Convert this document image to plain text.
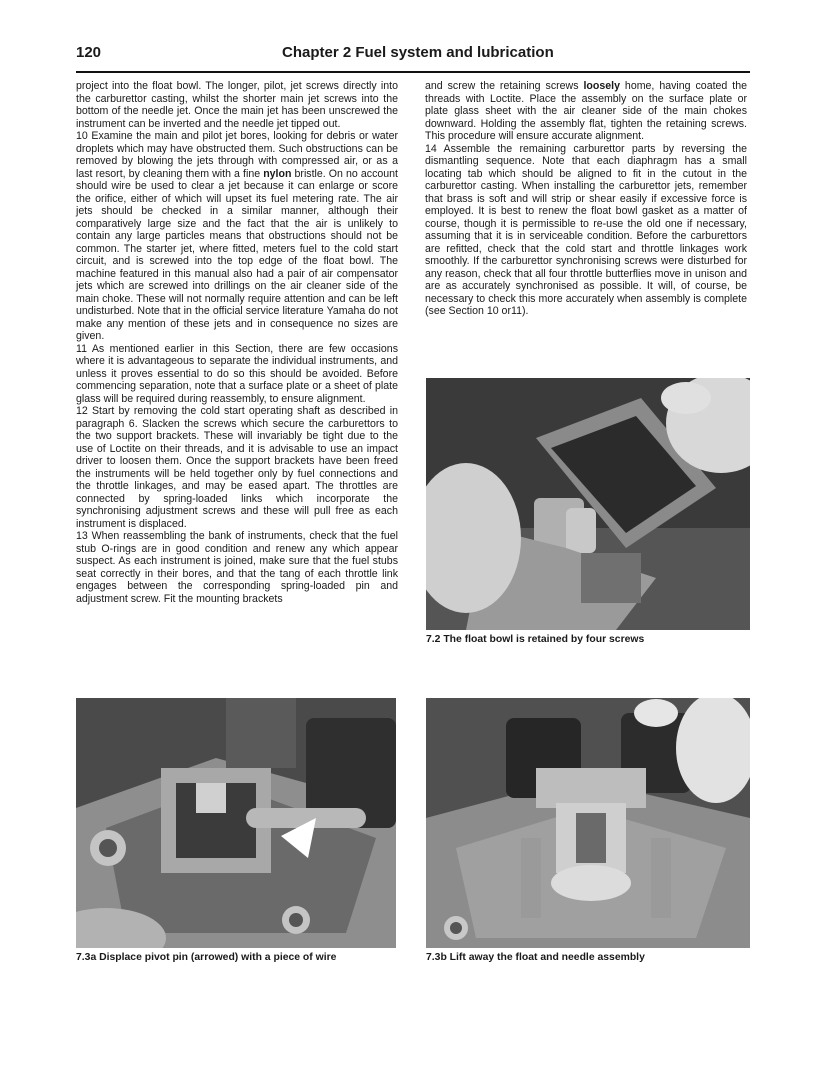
120	Chapter 2 Fuel system and lubrication

project into the float bowl. The longer, pilot, jet screws directly into the carburettor casting, whilst the shorter main jet screws into the bottom of the needle jet. Once the main jet has been unscrewed the instrument can be inverted and the needle jet tipped out.

10 Examine the main and pilot jet bores, looking for debris or water droplets which may have obstructed them. Such obstructions can be removed by blowing the jets through with compressed air, or as a last resort, by cleaning them with a fine nylon bristle. On no account should wire be used to clear a jet because it can enlarge or score the orifice, either of which will upset its fuel metering rate. The air jets should be checked in a similar manner, although their comparatively large size and the fact that the air is unlikely to contain any large particles means that obstructions should not be common. The starter jet, where fitted, meters fuel to the cold start circuit, and is screwed into the top edge of the float bowl. The machine featured in this manual also had a pair of air compensator jets which are screwed into drillings on the air cleaner side of the main choke. These will not normally require attention and can be left undisturbed. Note that in the official service literature Yamaha do not make any mention of these jets and in consequence no sizes are given.

11 As mentioned earlier in this Section, there are few occasions where it is advantageous to separate the individual instruments, and unless it proves essential to do so this should be avoided. Before commencing separation, note that a surface plate or a sheet of plate glass will be required during reassembly, to ensure alignment.

12 Start by removing the cold start operating shaft as described in paragraph 6. Slacken the screws which secure the carburettors to the two support brackets. These will invariably be tight due to the use of Loctite on their threads, and it is advisable to use an impact driver to loosen them. Once the support brackets have been freed the instruments will be held together only by fuel connections and the throttle linkages, and may be eased apart. The throttles are connected by spring-loaded links which incorporate the synchronising adjustment screws and these will pull free as each instrument is displaced.

13 When reassembling the bank of instruments, check that the fuel stub O-rings are in good condition and renew any which appear suspect. As each instrument is joined, make sure that the fuel stubs seat correctly in their bores, and that the tang of each throttle link engages between the corresponding spring-loaded pin and adjustment screw. Fit the mounting brackets

and screw the retaining screws loosely home, having coated the threads with Loctite. Place the assembly on the surface plate or plate glass sheet with the air cleaner side of the main chokes downward. Holding the assembly flat, tighten the retaining screws. This procedure will ensure accurate alignment.

14 Assemble the remaining carburettor parts by reversing the dismantling sequence. Note that each diaphragm has a small locating tab which should be aligned to fit in the cutout in the carburettor casting. When installing the carburettor jets, remember that brass is soft and will strip or shear easily if excessive force is employed. It is best to renew the float bowl gasket as a matter of course, though it is permissible to re-use the old one if necessary, assuming that it is in serviceable condition. Before the carburettors are refitted, check that the cold start and throttle linkages work smoothly. If the carburettor synchronising screws were disturbed for any reason, check that all four throttle butterflies move in unison and are as accurately synchronised as possible. It will, of course, be necessary to check this more accurately when assembly is complete (see Section 10 or11).

7.2 The float bowl is retained by four screws
7.3a Displace pivot pin (arrowed) with a piece of wire	7.3b Lift away the float and needle assembly
